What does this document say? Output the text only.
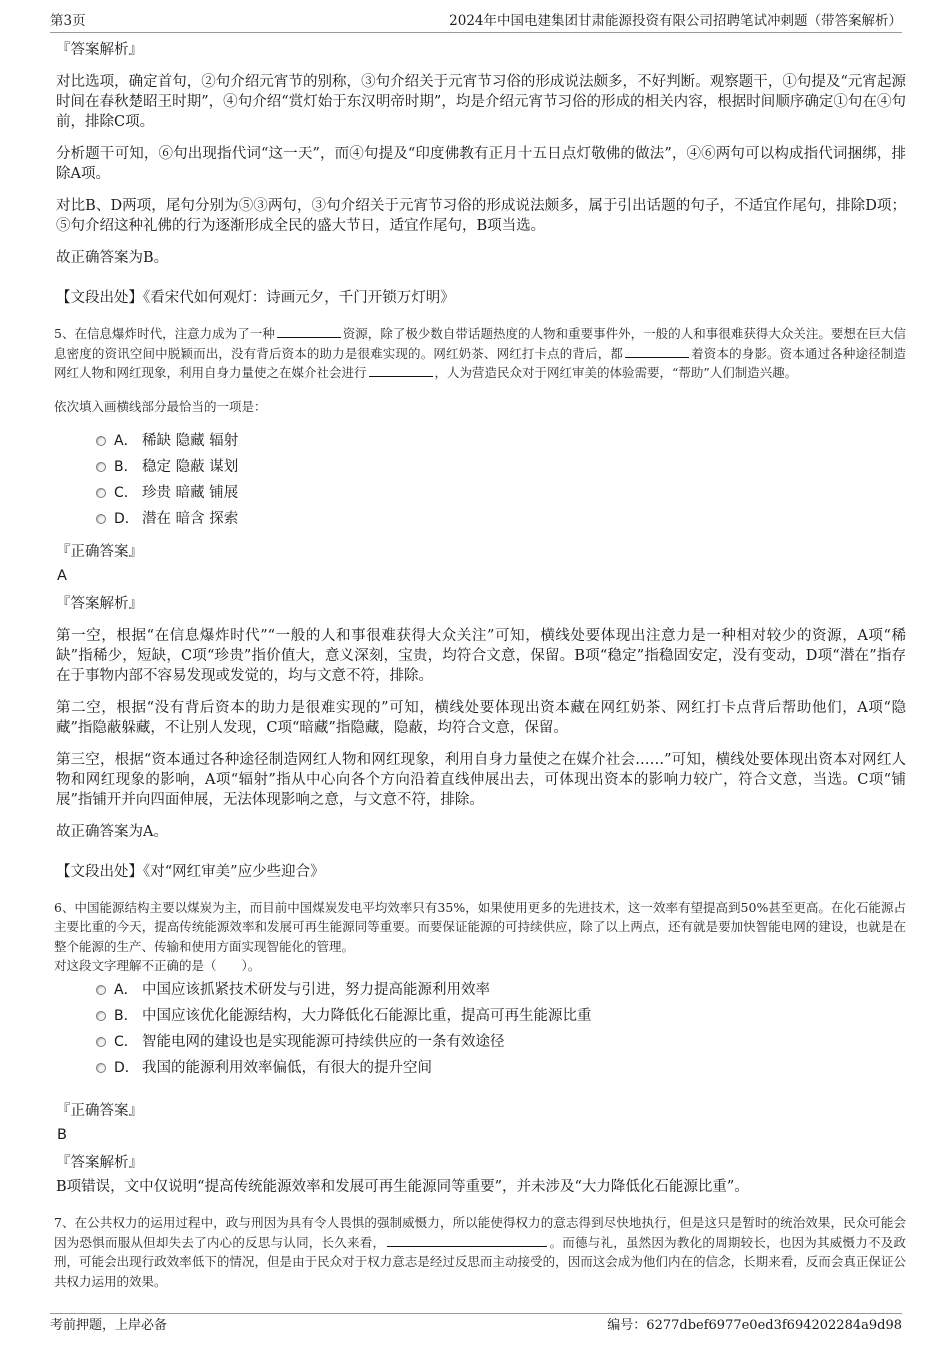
第3页	2024年中国电建集团甘肃能源投资有限公司招聘笔试冲刺题（带答案解析）
『答案解析』

对比选项，确定首句，②句介绍元宵节的别称，③句介绍关于元宵节习俗的形成说法颇多，不好判断。观察题干，①句提及“元宵起源时间在春秋楚昭王时期”，④句介绍“赏灯始于东汉明帝时期”，均是介绍元宵节习俗的形成的相关内容，根据时间顺序确定①句在④句前，排除C项。

分析题干可知，⑥句出现指代词“这一天”，而④句提及“印度佛教有正月十五日点灯敬佛的做法”，④⑥两句可以构成指代词捆绑，排除A项。

对比B、D两项，尾句分别为⑤③两句，③句介绍关于元宵节习俗的形成说法颇多，属于引出话题的句子，不适宜作尾句，排除D项；⑤句介绍这种礼佛的行为逐渐形成全民的盛大节日，适宜作尾句，B项当选。

故正确答案为B。

【文段出处】《看宋代如何观灯：诗画元夕，千门开锁万灯明》

5、在信息爆炸时代，注意力成为了一种	资源，除了极少数自带话题热度的人物和重要事件外，一般的人和事很难获得大众关注。要想在巨大信息密度的资讯空间中脱颖而出，没有背后资本的助力是很难实现的。网红奶茶、网红打卡点的背后，都	着资本的身影。资本通过各种途径制造网红人物和网红现象，利用自身力量使之在媒介社会进行	，人为营造民众对于网红审美的体验需要，“帮助”人们制造兴趣。

依次填入画横线部分最恰当的一项是：

A． 稀缺 隐藏 辐射
B． 稳定 隐蔽 谋划
C． 珍贵 暗藏 铺展
D． 潜在 暗含 探索
『正确答案』
A
『答案解析』

第一空，根据“在信息爆炸时代”“一般的人和事很难获得大众关注”可知，横线处要体现出注意力是一种相对较少的资源，A项“稀缺”指稀少，短缺，C项“珍贵”指价值大，意义深刻，宝贵，均符合文意，保留。B项“稳定”指稳固安定，没有变动，D项“潜在”指存在于事物内部不容易发现或发觉的，均与文意不符，排除。

第二空，根据“没有背后资本的助力是很难实现的”可知，横线处要体现出资本藏在网红奶茶、网红打卡点背后帮助他们，A项“隐藏”指隐蔽躲藏，不让别人发现，C项“暗藏”指隐藏，隐蔽，均符合文意，保留。

第三空，根据“资本通过各种途径制造网红人物和网红现象，利用自身力量使之在媒介社会……”可知，横线处要体现出资本对网红人物和网红现象的影响，A项“辐射”指从中心向各个方向沿着直线伸展出去，可体现出资本的影响力较广，符合文意，当选。C项“铺展”指铺开并向四面伸展，无法体现影响之意，与文意不符，排除。

故正确答案为A。

【文段出处】《对“网红审美”应少些迎合》

6、中国能源结构主要以煤炭为主，而目前中国煤炭发电平均效率只有35%，如果使用更多的先进技术，这一效率有望提高到50%甚至更高。在化石能源占主要比重的今天，提高传统能源效率和发展可再生能源同等重要。而要保证能源的可持续供应，除了以上两点，还有就是要加快智能电网的建设，也就是在整个能源的生产、传输和使用方面实现智能化的管理。

对这段文字理解不正确的是（　　）。

A． 中国应该抓紧技术研发与引进，努力提高能源利用效率
B． 中国应该优化能源结构，大力降低化石能源比重，提高可再生能源比重
C． 智能电网的建设也是实现能源可持续供应的一条有效途径
D． 我国的能源利用效率偏低，有很大的提升空间
『正确答案』
B
『答案解析』

B项错误，文中仅说明“提高传统能源效率和发展可再生能源同等重要”，并未涉及“大力降低化石能源比重”。

7、在公共权力的运用过程中，政与刑因为具有令人畏惧的强制威慑力，所以能使得权力的意志得到尽快地执行，但是这只是暂时的统治效果，民众可能会因为恐惧而服从但却失去了内心的反思与认同，长久来看，	。而德与礼，虽然因为教化的周期较长，也因为其威慑力不及政刑，可能会出现行政效率低下的情况，但是由于民众对于权力意志是经过反思而主动接受的，因而这会成为他们内在的信念，长期来看，反而会真正保证公共权力运用的效果。

考前押题，上岸必备	编号：6277dbef6977e0ed3f694202284a9d98
